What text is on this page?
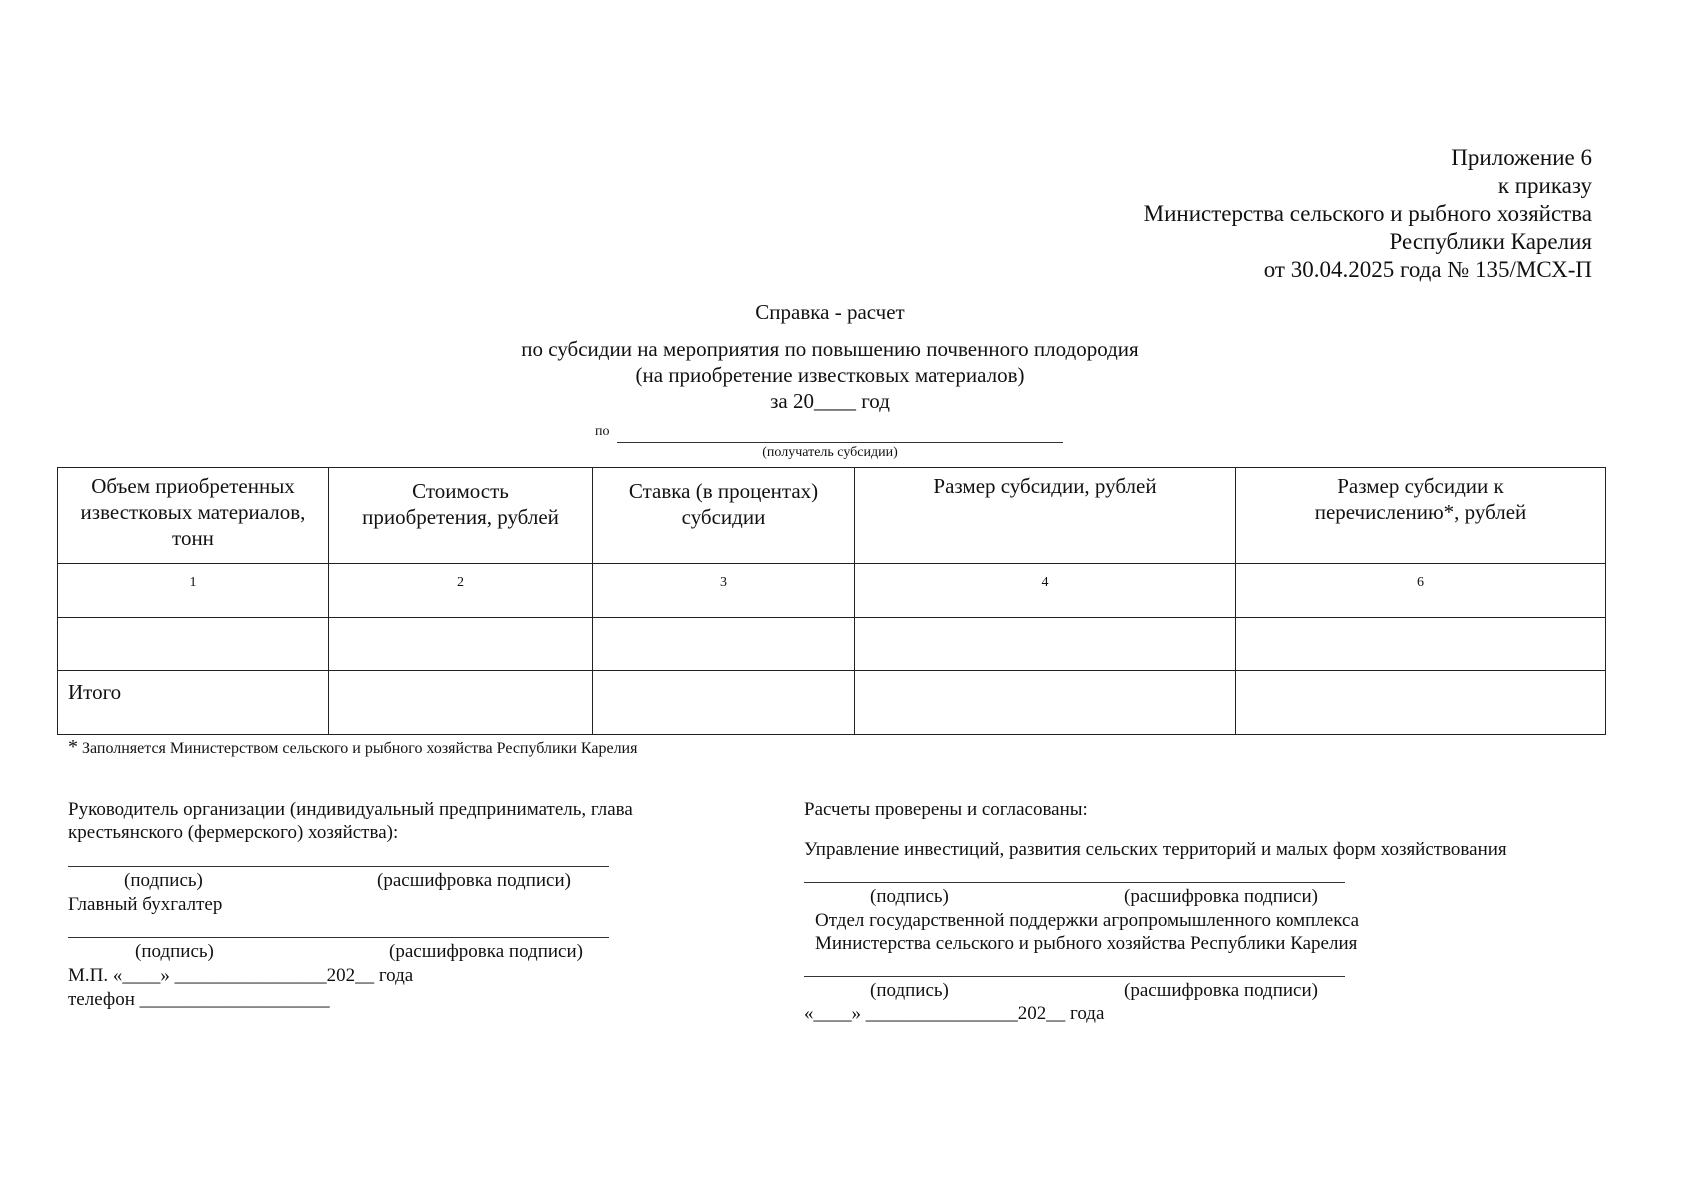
Приложение 6
к приказу
Министерства сельского и рыбного хозяйства
Республики Карелия
от 30.04.2025 года № 135/МСХ-П
Справка - расчет
по субсидии на мероприятия по повышению почвенного плодородия
(на приобретение известковых материалов)
за 20____ год
по
(получатель субсидии)
Объем приобретенных известковых материалов, тонн	Стоимость приобретения, рублей	Ставка (в процентах) субсидии	Размер субсидии, рублей	Размер субсидии к перечислению*, рублей
1	2	3	4	6

Итого				
* Заполняется Министерством сельского и рыбного хозяйства Республики Карелия
Руководитель организации (индивидуальный предприниматель, глава
крестьянского (фермерского) хозяйства):
(подпись)	(расшифровка подписи)
Главный бухгалтер
(подпись)	(расшифровка подписи)
М.П. «____» ________________202__ года
телефон ____________________
Расчеты проверены и согласованы:
Управление инвестиций, развития сельских территорий и малых форм хозяйствования
(подпись)	(расшифровка подписи)
Отдел государственной поддержки агропромышленного комплекса
Министерства сельского и рыбного хозяйства Республики Карелия
(подпись)	(расшифровка подписи)
«____» ________________202__ года
